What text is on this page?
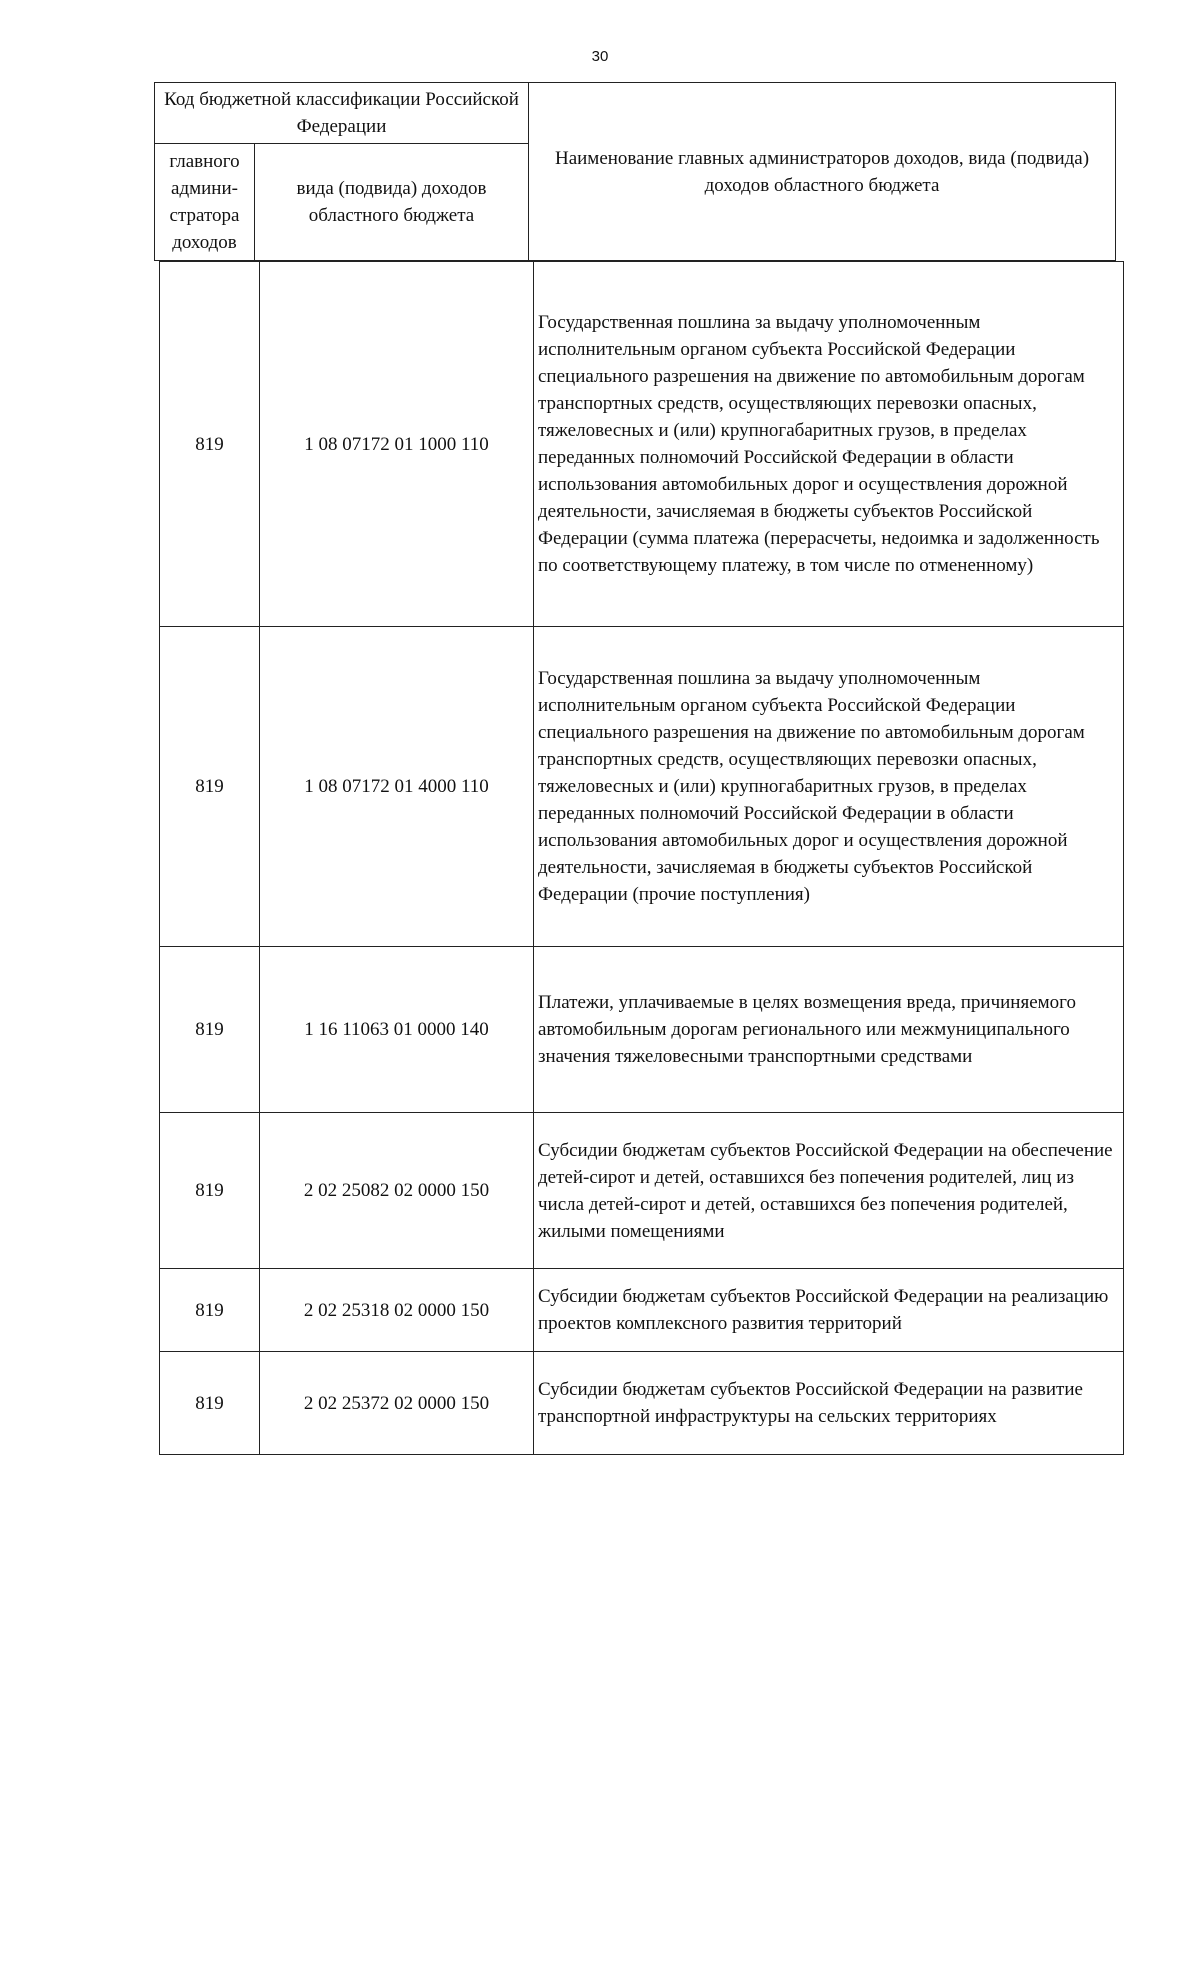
30
Код бюджетной классификации Российской Федерации		Наименование главных администраторов доходов, вида (подвида) доходов областного бюджета
главного админи-стратора доходов	вида (подвида) доходов областного бюджета	
819	1 08 07172 01 1000 110	Государственная пошлина за выдачу уполномоченным исполнительным органом субъекта Российской Федерации специального разрешения на движение по автомобильным дорогам транспортных средств, осуществляющих перевозки опасных, тяжеловесных и (или) крупногабаритных грузов, в пределах переданных полномочий Российской Федерации в области использования автомобильных дорог и осуществления дорожной деятельности, зачисляемая в бюджеты субъектов Российской Федерации (сумма платежа (перерасчеты, недоимка и задолженность по соответствующему платежу, в том числе по отмененному)

819	1 08 07172 01 4000 110	Государственная пошлина за выдачу уполномоченным исполнительным органом субъекта Российской Федерации специального разрешения на движение по автомобильным дорогам транспортных средств, осуществляющих перевозки опасных, тяжеловесных и (или) крупногабаритных грузов, в пределах переданных полномочий Российской Федерации в области использования автомобильных дорог и осуществления дорожной деятельности, зачисляемая в бюджеты субъектов Российской Федерации (прочие поступления)

819	1 16 11063 01 0000 140	Платежи, уплачиваемые в целях возмещения вреда, причиняемого автомобильным дорогам регионального или межмуниципального значения тяжеловесными транспортными средствами

819	2 02 25082 02 0000 150	Субсидии бюджетам субъектов Российской Федерации на обеспечение детей-сирот и детей, оставшихся без попечения родителей, лиц из числа детей-сирот и детей, оставшихся без попечения родителей, жилыми помещениями

819	2 02 25318 02 0000 150	Субсидии бюджетам субъектов Российской Федерации на реализацию проектов комплексного развития территорий

819	2 02 25372 02 0000 150	Субсидии бюджетам субъектов Российской Федерации на развитие транспортной инфраструктуры на сельских территориях
